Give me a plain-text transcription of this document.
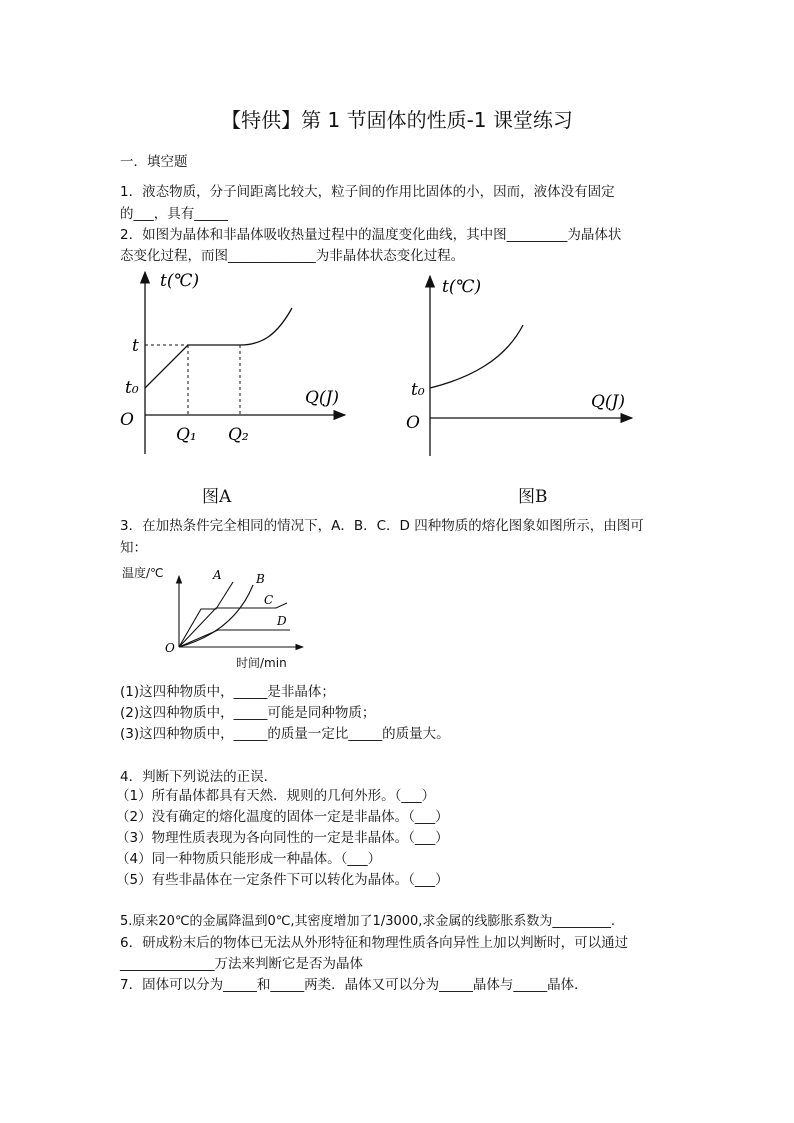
【特供】第 1 节固体的性质-1 课堂练习
一．填空题
1．液态物质，分子间距离比较大，粒子间的作用比固体的小，因而，液体没有固定
的___，具有_____
2．如图为晶体和非晶体吸收热量过程中的温度变化曲线，其中图_________为晶体状
态变化过程，而图_____________为非晶体状态变化过程。
t(℃)
Q(J)
O
t
t₀
Q₁ Q₂
t(℃)
Q(J)
O
t₀
图A	图B
3．在加热条件完全相同的情况下，A．B．C．D 四种物质的熔化图象如图所示，由图可
知：
A	B
C
D
O
温度/℃
时间/min
(1)这四种物质中，_____是非晶体；
(2)这四种物质中，_____可能是同种物质；
(3)这四种物质中，_____的质量一定比_____的质量大。
4．判断下列说法的正误．
（1）所有晶体都具有天然．规则的几何外形。（___）
（2）没有确定的熔化温度的固体一定是非晶体。（___）
（3）物理性质表现为各向同性的一定是非晶体。（___）
（4）同一种物质只能形成一种晶体。（___）
（5）有些非晶体在一定条件下可以转化为晶体。（___）
5.原来20℃的金属降温到0℃,其密度增加了1/3000,求金属的线膨胀系数为_________.
6．研成粉末后的物体已无法从外形特征和物理性质各向异性上加以判断时，可以通过
______________万法来判断它是否为晶体
7．固体可以分为_____和_____两类．晶体又可以分为_____晶体与_____晶体．
